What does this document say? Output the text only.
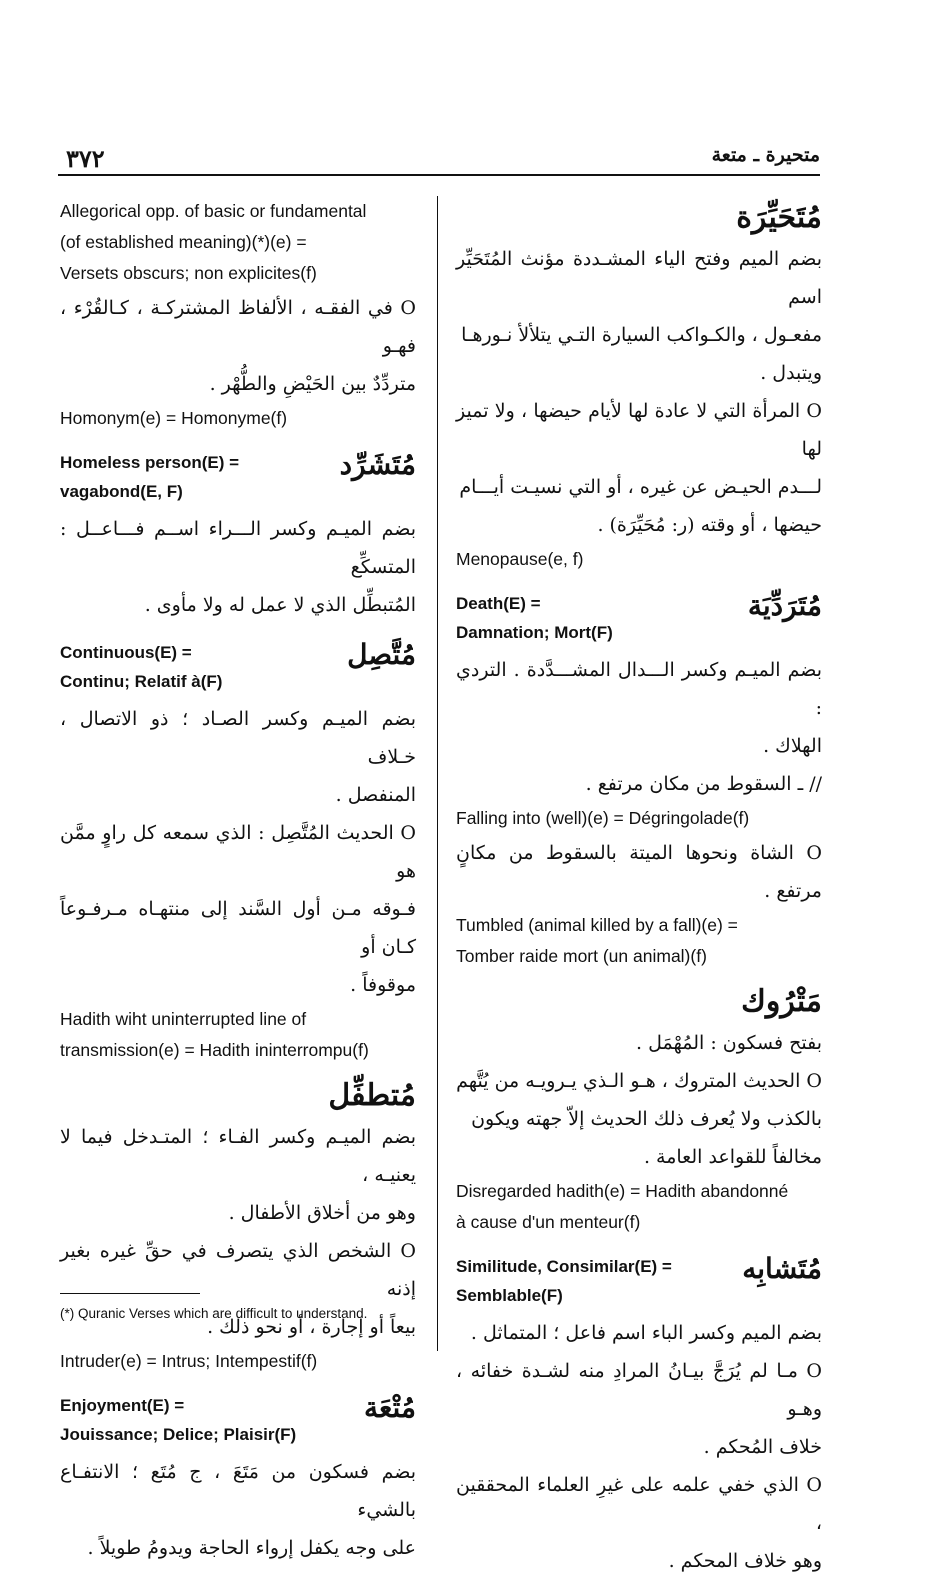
٣٧٢	متحيرة ـ متعة
Allegorical opp. of basic or fundamental
(of established meaning)(*)(e) =
Versets obscurs; non explicites(f)
O في الفقـه ، الألفاظ المشتركـة ، كـالقُرْء ، فهـو
متردِّدٌ بين الحَيْضِ والطُّهْر .
Homonym(e) = Homonyme(f)
مُتَشَرِّد
Homeless person(E) =
vagabond(E, F)
بضم الميـم وكسر الـــراء اســم فـــاعــل : المتسكِّع
المُتبطِّل الذي لا عمل له ولا مأوى .
مُتَّصِل
Continuous(E) =
Continu; Relatif à(F)
بضم الميـم وكسر الصـاد ؛ ذو الاتصال ، خـلاف
المنفصل .
O الحديث المُتَّصِل : الذي سمعه كل راوٍ ممَّن هو
فـوقه مـن أول السَّند إلى منتهـاه مـرفـوعاً كـان أو
موقوفاً .
Hadith wiht uninterrupted line of
transmission(e) = Hadith ininterrompu(f)
مُتطفِّل
بضم الميـم وكسر الفـاء ؛ المتـدخل فيما لا يعنيـه ،
وهو من أخلاق الأطفال .
O الشخص الذي يتصرف في حقِّ غيره بغير إذنه
بيعاً أو إجارة ، أو نحو ذلك .
Intruder(e) = Intrus; Intempestif(f)
مُتْعَة
Enjoyment(E) =
Jouissance; Delice; Plaisir(F)
بضم فسكون من مَتَعَ ، ج مُتَع ؛ الانتفـاع بالشيء
على وجه يكفل إرواء الحاجة ويدومُ طويلاً .
(*) Quranic Verses which are difficult to understand.
مُتَحَيِّرَة
بضم الميم وفتح الياء المشـددة مؤنث المُتَحَيِّر اسم
مفعـول ، والكـواكب السيارة التـي يتلألأ نـورهـا
ويتبدل .
O المرأة التي لا عادة لها لأيام حيضها ، ولا تميز لها
لـــدم الحيـض عن غيره ، أو التي نسيـت أيـــام
حيضها ، أو وقته (ر: مُحَيِّرَة) .
Menopause(e, f)
مُتَرَدِّيَة
Death(E) =
Damnation; Mort(F)
بضم الميـم وكسر الـــدال المشـــدَّدة . التردي :
الهلاك .
// ـ السقوط من مكان مرتفع .
Falling into (well)(e) = Dégringolade(f)
O الشاة ونحوها الميتة بالسقوط من مكانٍ مرتفع .
Tumbled (animal killed by a fall)(e) =
Tomber raide mort (un animal)(f)
مَتْرُوك
بفتح فسكون : المُهْمَل .
O الحديث المتروك ، هـو الـذي يـرويـه من يُتَّهم
بالكذب ولا يُعرف ذلك الحديث إلاّ جهته ويكون
مخالفاً للقواعد العامة .
Disregarded hadith(e) = Hadith abandonné
à cause d'un menteur(f)
مُتَشابِه
Similitude, Consimilar(E) =
Semblable(F)
بضم الميم وكسر الباء اسم فاعل ؛ المتماثل .
O مـا لم يُرَجَّ بيـانُ المرادِ منه لشـدة خفائه ، وهـو
خلاف المُحكم .
O الذي خفي علمه على غيرِ العلماء المحققين ،
وهو خلاف المحكم .
